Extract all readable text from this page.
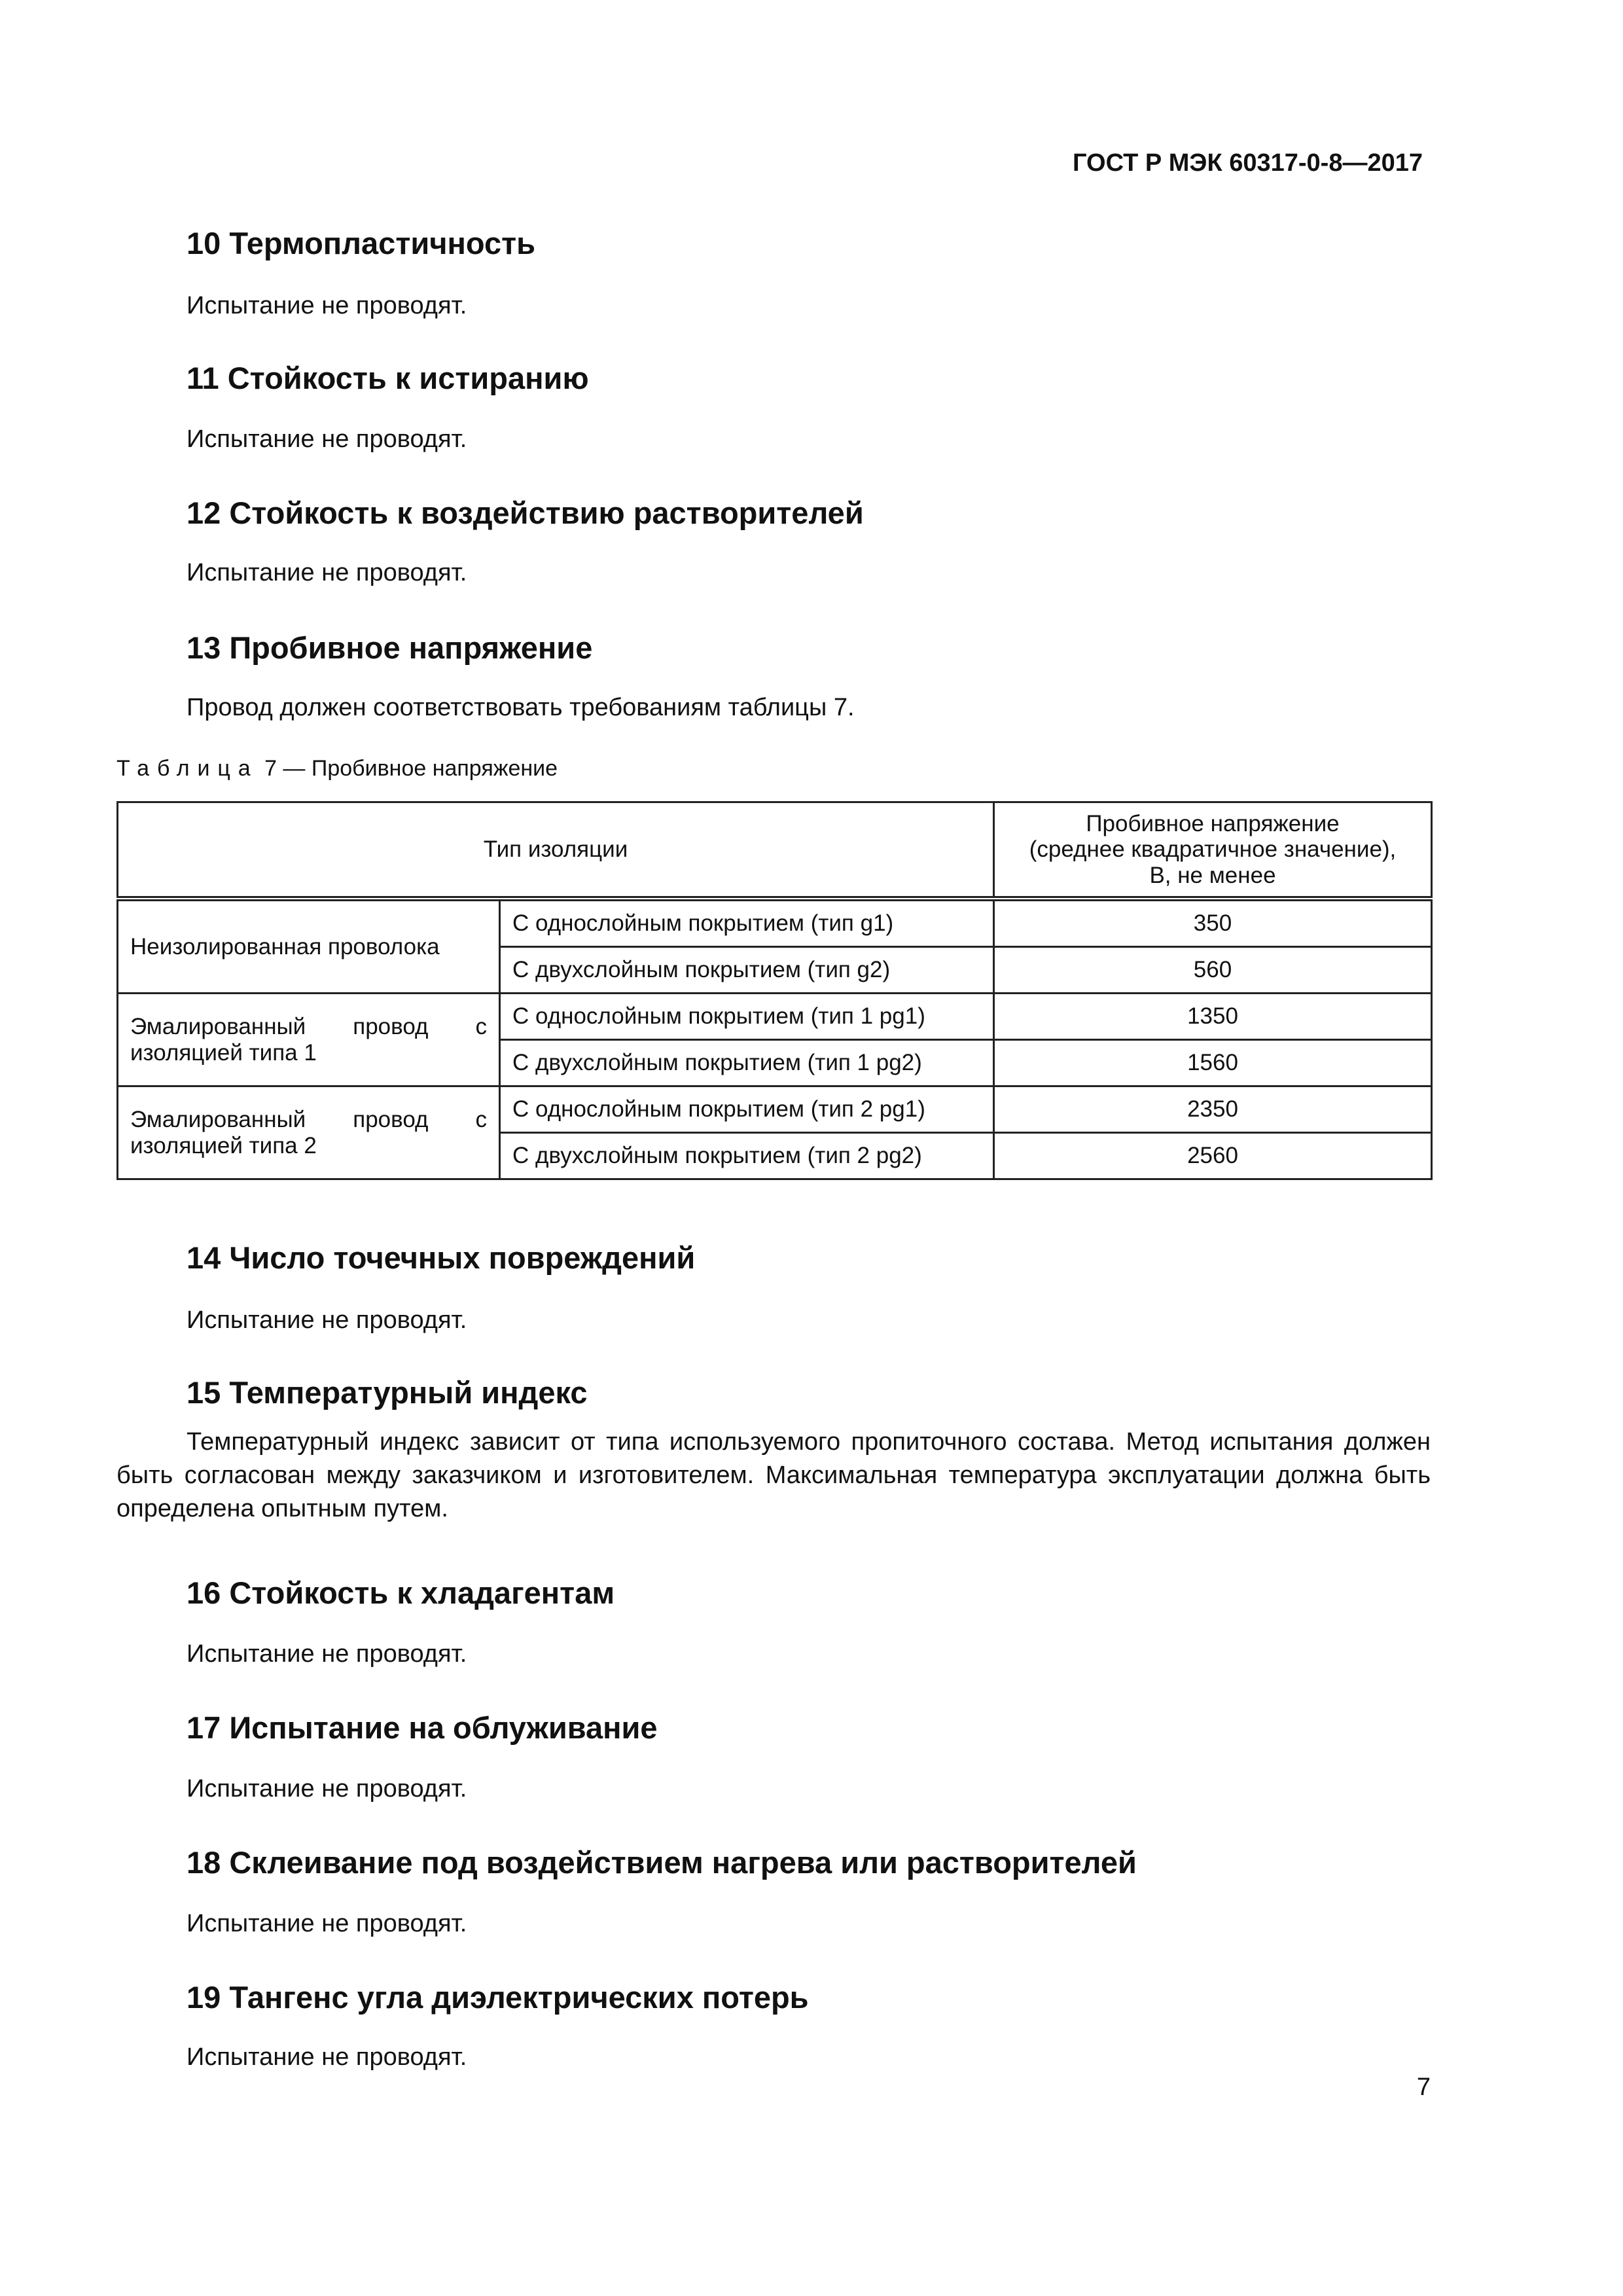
ГОСТ Р МЭК 60317-0-8—2017
10 Термопластичность
Испытание не проводят.
11 Стойкость к истиранию
Испытание не проводят.
12 Стойкость к воздействию растворителей
Испытание не проводят.
13 Пробивное напряжение
Провод должен соответствовать требованиям таблицы 7.
Таблица 7 — Пробивное напряжение
Тип изоляции		Пробивное напряжение
(среднее квадратичное значение),
В, не менее
Неизолированная проволока	С однослойным покрытием (тип g1)	350
	С двухслойным покрытием (тип g2)	560
Эмалированный провод с изоляцией типа 1	С однослойным покрытием (тип 1 pg1)	1350
	С двухслойным покрытием (тип 1 pg2)	1560
Эмалированный провод с изоляцией типа 2	С однослойным покрытием (тип 2 pg1)	2350
	С двухслойным покрытием (тип 2 pg2)	2560
14 Число точечных повреждений
Испытание не проводят.
15 Температурный индекс
Температурный индекс зависит от типа используемого пропиточного состава. Метод испытания должен быть согласован между заказчиком и изготовителем. Максимальная температура эксплуатации должна быть определена опытным путем.
16 Стойкость к хладагентам
Испытание не проводят.
17 Испытание на облуживание
Испытание не проводят.
18 Склеивание под воздействием нагрева или растворителей
Испытание не проводят.
19 Тангенс угла диэлектрических потерь
Испытание не проводят.
7
